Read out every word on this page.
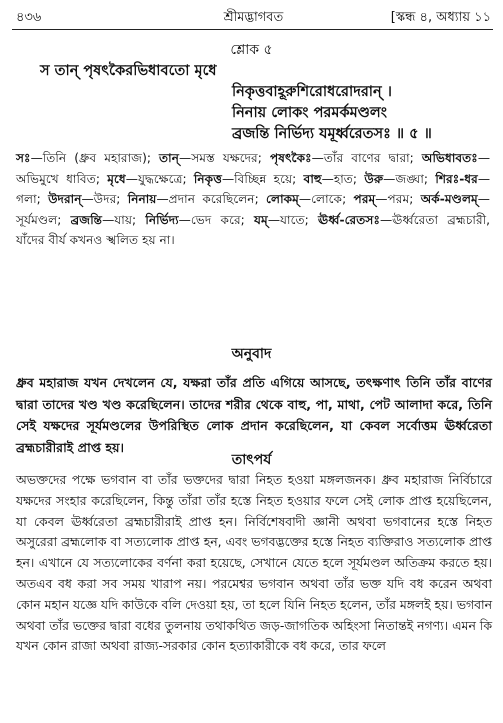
৪৩৬	শ্রীমদ্ভাগবত	[স্কন্ধ ৪, অধ্যায় ১১
শ্লোক ৫
স তান্ পৃষৎকৈরভিধাবতো মৃধে
নিকৃত্তবাহূরুশিরোধরোদরান্ ।
নিনায় লোকং পরমর্কমণ্ডলং
ব্রজন্তি নির্ভিদ্য যমূর্ধ্বরেতসঃ ॥ ৫ ॥
সঃ—তিনি (ধ্রুব মহারাজ); তান্—সমস্ত যক্ষদের; পৃষৎকৈঃ—তাঁর বাণের দ্বারা; অভিধাবতঃ—অভিমুখে ধাবিত; মৃধে—যুদ্ধক্ষেত্রে; নিকৃত্ত—বিচ্ছিন্ন হয়ে; বাহু—হাত; উরু—জঙ্ঘা; শিরঃ-ধর—গলা; উদরান্—উদর; নিনায়—প্রদান করেছিলেন; লোকম্—লোকে; পরম্—পরম; অর্ক-মণ্ডলম্—সূর্যমণ্ডল; ব্রজন্তি—যায়; নির্ভিদ্য—ভেদ করে; যম্—যাতে; ঊর্ধ্ব-রেতসঃ—ঊর্ধ্বরেতা ব্রহ্মচারী, যাঁদের বীর্য কখনও স্খলিত হয় না।
অনুবাদ
ধ্রুব মহারাজ যখন দেখলেন যে, যক্ষরা তাঁর প্রতি এগিয়ে আসছে, তৎক্ষণাৎ তিনি তাঁর বাণের দ্বারা তাদের খণ্ড খণ্ড করেছিলেন। তাদের শরীর থেকে বাহু, পা, মাথা, পেট আলাদা করে, তিনি সেই যক্ষদের সূর্যমণ্ডলের উপরিস্থিত লোক প্রদান করেছিলেন, যা কেবল সর্বোত্তম ঊর্ধ্বরেতা ব্রহ্মচারীরাই প্রাপ্ত হয়।
তাৎপর্য
অভক্তদের পক্ষে ভগবান বা তাঁর ভক্তদের দ্বারা নিহত হওয়া মঙ্গলজনক। ধ্রুব মহারাজ নির্বিচারে যক্ষদের সংহার করেছিলেন, কিন্তু তাঁরা তাঁর হস্তে নিহত হওয়ার ফলে সেই লোক প্রাপ্ত হয়েছিলেন, যা কেবল ঊর্ধ্বরেতা ব্রহ্মচারীরাই প্রাপ্ত হন। নির্বিশেষবাদী জ্ঞানী অথবা ভগবানের হস্তে নিহত অসুরেরা ব্রহ্মলোক বা সত্যলোক প্রাপ্ত হন, এবং ভগবদ্ভক্তের হস্তে নিহত ব্যক্তিরাও সত্যলোক প্রাপ্ত হন। এখানে যে সত্যলোকের বর্ণনা করা হয়েছে, সেখানে যেতে হলে সূর্যমণ্ডল অতিক্রম করতে হয়। অতএব বধ করা সব সময় খারাপ নয়। পরমেশ্বর ভগবান অথবা তাঁর ভক্ত যদি বধ করেন অথবা কোন মহান যজ্ঞে যদি কাউকে বলি দেওয়া হয়, তা হলে যিনি নিহত হলেন, তাঁর মঙ্গলই হয়। ভগবান অথবা তাঁর ভক্তের দ্বারা বধের তুলনায় তথাকথিত জড়-জাগতিক অহিংসা নিতান্তই নগণ্য। এমন কি যখন কোন রাজা অথবা রাজ্য-সরকার কোন হত্যাকারীকে বধ করে, তার ফলে
